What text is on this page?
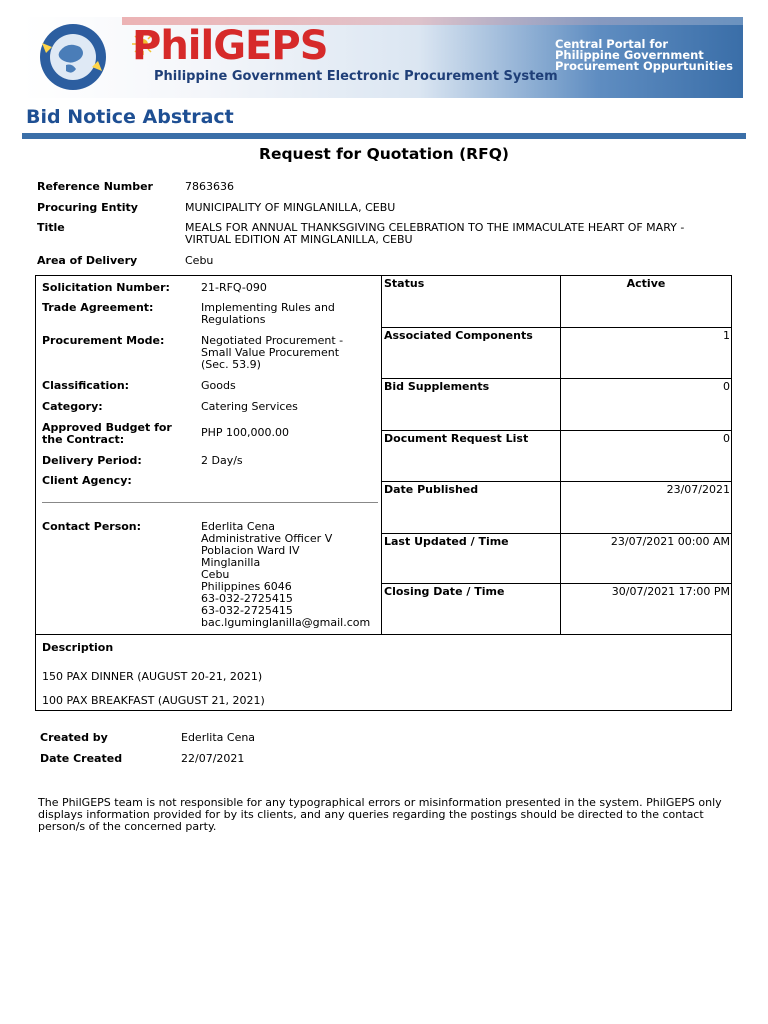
PhilGEPS
Philippine Government Electronic Procurement System
Central Portal for
Philippine Government
Procurement Oppurtunities
Bid Notice Abstract
Request for Quotation (RFQ)
Reference Number	7863636
Procuring Entity	MUNICIPALITY OF MINGLANILLA, CEBU
Title	MEALS FOR ANNUAL THANKSGIVING CELEBRATION TO THE IMMACULATE HEART OF MARY -
VIRTUAL EDITION AT MINGLANILLA, CEBU
Area of Delivery	Cebu
Solicitation Number:	21-RFQ-090
Trade Agreement:	Implementing Rules and
Regulations
Procurement Mode:	Negotiated Procurement -
Small Value Procurement
(Sec. 53.9)
Classification:	Goods
Category:	Catering Services
Approved Budget for
the Contract:
PHP 100,000.00
Delivery Period:	2 Day/s
Client Agency:
Contact Person:	Ederlita Cena
Administrative Officer V
Poblacion Ward IV
Minglanilla
Cebu
Philippines 6046
63-032-2725415
63-032-2725415
bac.lguminglanilla@gmail.com
Status	Active
Associated Components	1
Bid Supplements	0
Document Request List	0
Date Published	23/07/2021
Last Updated / Time	23/07/2021 00:00 AM
Closing Date / Time	30/07/2021 17:00 PM
Description
150 PAX DINNER (AUGUST 20-21, 2021)
100 PAX BREAKFAST (AUGUST 21, 2021)
Created by	Ederlita Cena
Date Created	22/07/2021
The PhilGEPS team is not responsible for any typographical errors or misinformation presented in the system. PhilGEPS only displays information provided for by its clients, and any queries regarding the postings should be directed to the contact person/s of the concerned party.
